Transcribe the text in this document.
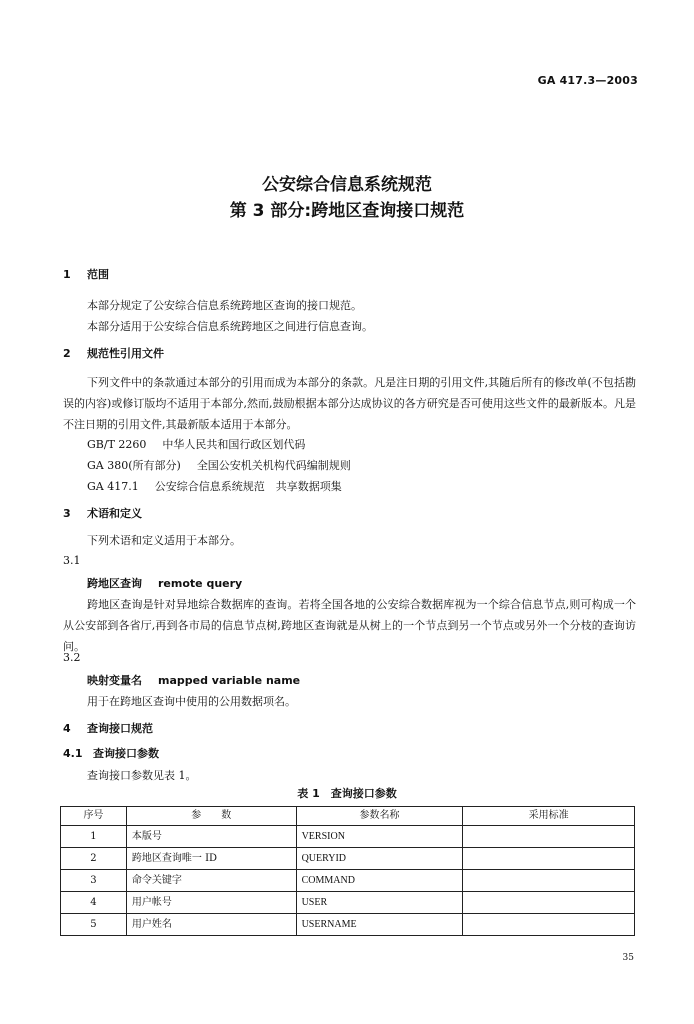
GA 417.3—2003
公安综合信息系统规范
第 3 部分:跨地区查询接口规范
1 范围
本部分规定了公安综合信息系统跨地区查询的接口规范。
本部分适用于公安综合信息系统跨地区之间进行信息查询。
2 规范性引用文件
下列文件中的条款通过本部分的引用而成为本部分的条款。凡是注日期的引用文件,其随后所有的修改单(不包括勘误的内容)或修订版均不适用于本部分,然而,鼓励根据本部分达成协议的各方研究是否可使用这些文件的最新版本。凡是不注日期的引用文件,其最新版本适用于本部分。
GB/T 2260 中华人民共和国行政区划代码
GA 380(所有部分) 全国公安机关机构代码编制规则
GA 417.1 公安综合信息系统规范　共享数据项集
3 术语和定义
下列术语和定义适用于本部分。
3.1
跨地区查询 remote query
跨地区查询是针对异地综合数据库的查询。若将全国各地的公安综合数据库视为一个综合信息节点,则可构成一个从公安部到各省厅,再到各市局的信息节点树,跨地区查询就是从树上的一个节点到另一个节点或另外一个分枝的查询访问。
3.2
映射变量名 mapped variable name
用于在跨地区查询中使用的公用数据项名。
4 查询接口规范
4.1 查询接口参数
查询接口参数见表 1。
表 1　查询接口参数
序号	参　　数	参数名称	采用标准
1	本版号	VERSION	
2	跨地区查询唯一 ID	QUERYID	
3	命令关键字	COMMAND	
4	用户帐号	USER	
5	用户姓名	USERNAME	
35
